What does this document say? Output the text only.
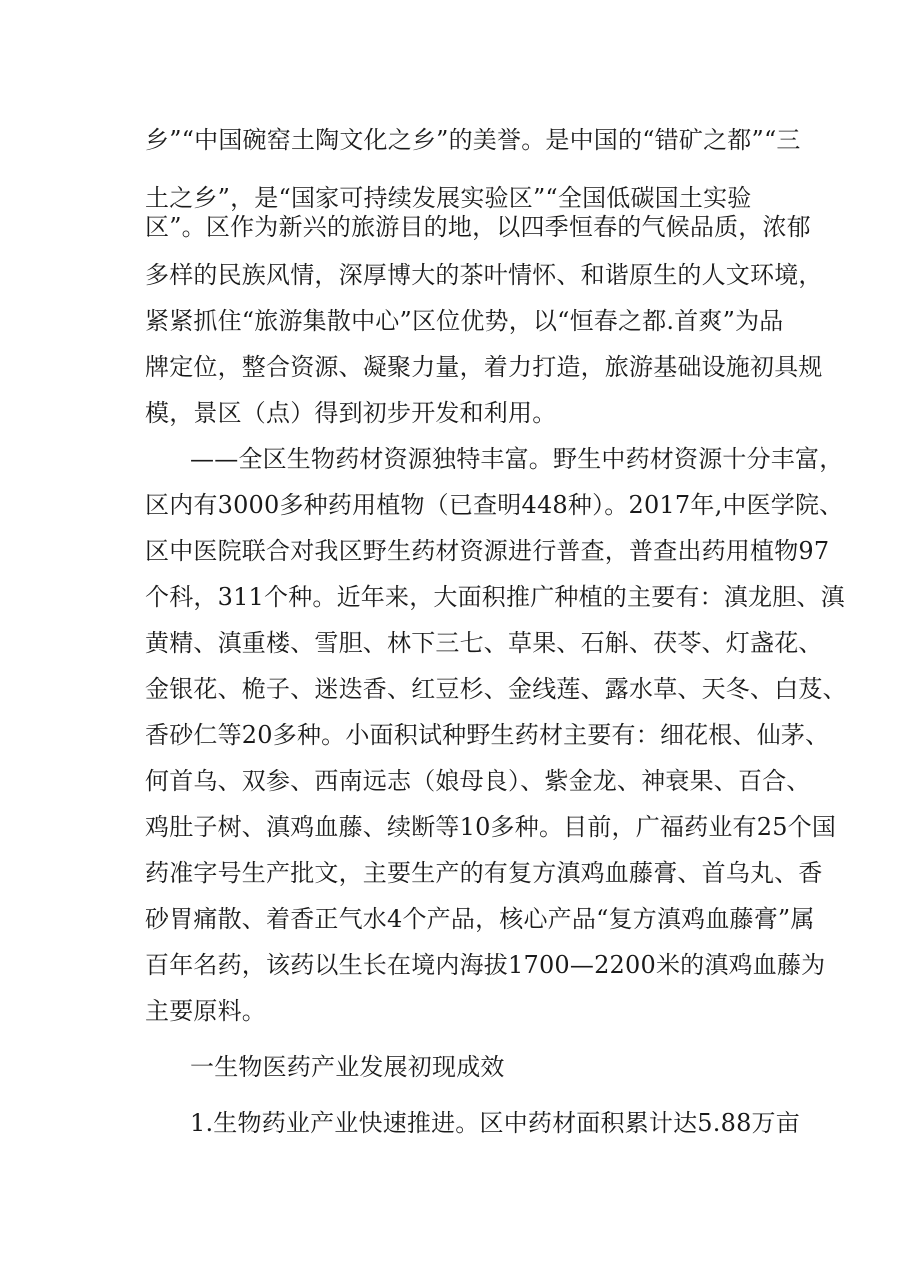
乡”“中国碗窑土陶文化之乡”的美誉。是中国的“错矿之都”“三
土之乡”，是“国家可持续发展实验区”“全国低碳国土实验
区”。区作为新兴的旅游目的地，以四季恒春的气候品质，浓郁
多样的民族风情，深厚博大的茶叶情怀、和谐原生的人文环境，
紧紧抓住“旅游集散中心”区位优势，以“恒春之都.首爽”为品
牌定位，整合资源、凝聚力量，着力打造，旅游基础设施初具规
模，景区（点）得到初步开发和利用。
——全区生物药材资源独特丰富。野生中药材资源十分丰富，
区内有3000多种药用植物（已查明448种）。2017年,中医学院、
区中医院联合对我区野生药材资源进行普查，普查出药用植物97
个科，311个种。近年来，大面积推广种植的主要有：滇龙胆、滇
黄精、滇重楼、雪胆、林下三七、草果、石斛、茯苓、灯盏花、
金银花、桅子、迷迭香、红豆杉、金线莲、露水草、天冬、白芨、
香砂仁等20多种。小面积试种野生药材主要有：细花根、仙茅、
何首乌、双参、西南远志（娘母良）、紫金龙、神衰果、百合、
鸡肚子树、滇鸡血藤、续断等10多种。目前，广福药业有25个国
药准字号生产批文，主要生产的有复方滇鸡血藤膏、首乌丸、香
砂胃痛散、着香正气水4个产品，核心产品“复方滇鸡血藤膏”属
百年名药，该药以生长在境内海拔1700—2200米的滇鸡血藤为
主要原料。
一生物医药产业发展初现成效
1.生物药业产业快速推进。区中药材面积累计达5.88万亩
